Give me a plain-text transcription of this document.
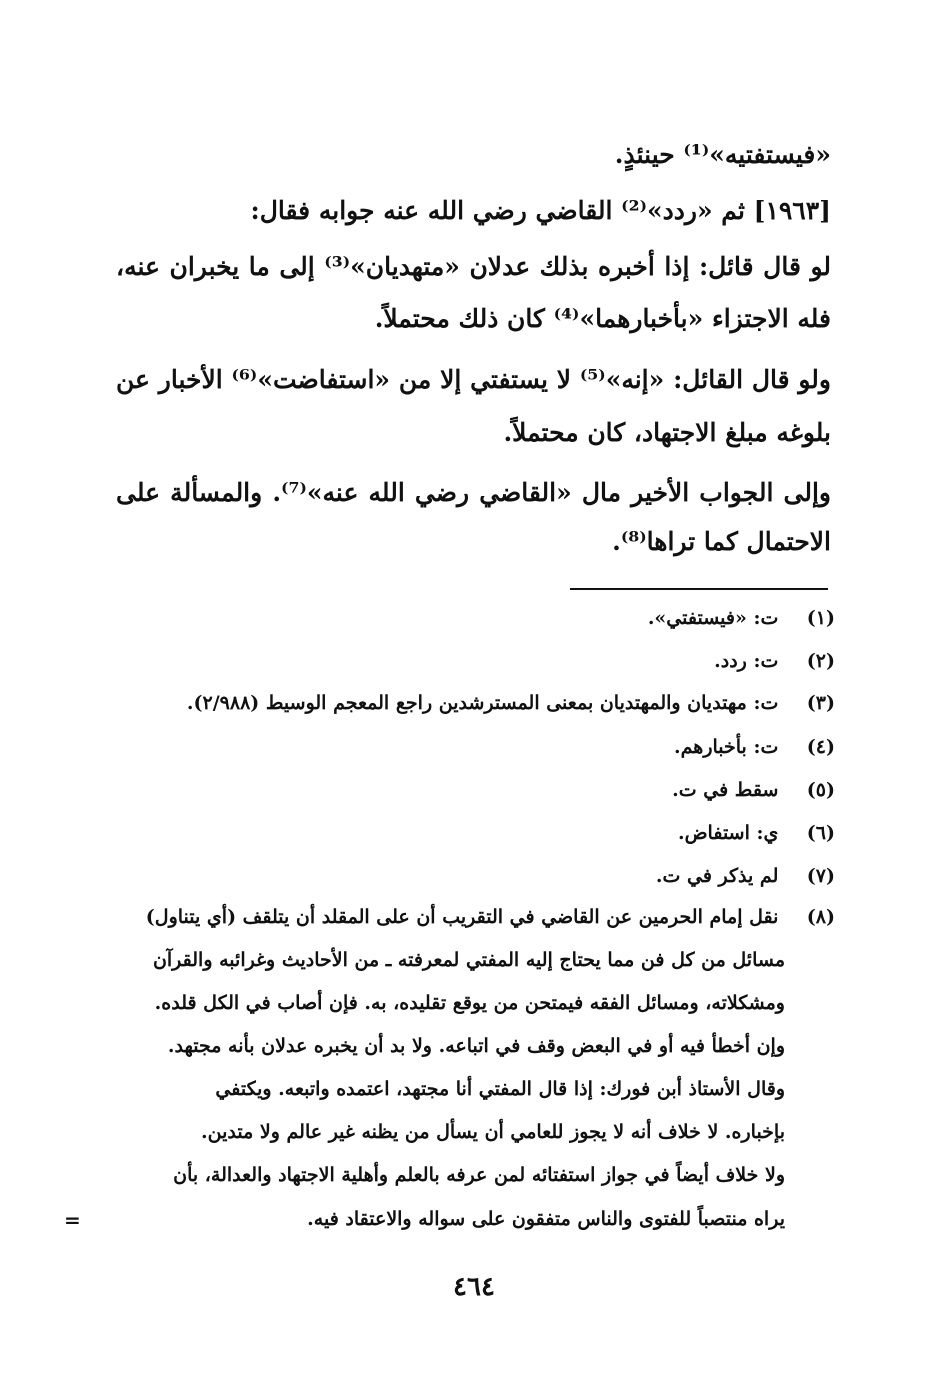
«فيستفتيه»⁽¹⁾ حينئذٍ.
[١٩٦٣] ثم «ردد»⁽²⁾ القاضي رضي الله عنه جوابه فقال:
لو قال قائل: إذا أخبره بذلك عدلان «متهديان»⁽³⁾ إلى ما يخبران عنه،
فله الاجتزاء «بأخبارهما»⁽⁴⁾ كان ذلك محتملاً.
ولو قال القائل: «إنه»⁽⁵⁾ لا يستفتي إلا من «استفاضت»⁽⁶⁾ الأخبار عن
بلوغه مبلغ الاجتهاد، كان محتملاً.
وإلى الجواب الأخير مال «القاضي رضي الله عنه»⁽⁷⁾. والمسألة على
الاحتمال كما تراها⁽⁸⁾.
(١) ت: «فيستفتي».
(٢) ت: ردد.
(٣) ت: مهتديان والمهتديان بمعنى المسترشدين راجع المعجم الوسيط (٢/٩٨٨).
(٤) ت: بأخبارهم.
(٥) سقط في ت.
(٦) ي: استفاض.
(٧) لم يذكر في ت.
(٨) نقل إمام الحرمين عن القاضي في التقريب أن على المقلد أن يتلقف (أي يتناول)
مسائل من كل فن مما يحتاج إليه المفتي لمعرفته ـ من الأحاديث وغرائبه والقرآن
ومشكلاته، ومسائل الفقه فيمتحن من يوقع تقليده، به. فإن أصاب في الكل قلده.
وإن أخطأ فيه أو في البعض وقف في اتباعه. ولا بد أن يخبره عدلان بأنه مجتهد.
وقال الأستاذ أبن فورك: إذا قال المفتي أنا مجتهد، اعتمده واتبعه. ويكتفي
بإخباره. لا خلاف أنه لا يجوز للعامي أن يسأل من يظنه غير عالم ولا متدين.
ولا خلاف أيضاً في جواز استفتائه لمن عرفه بالعلم وأهلية الاجتهاد والعدالة، بأن
يراه منتصباً للفتوى والناس متفقون على سواله والاعتقاد فيه.
=
٤٦٤
